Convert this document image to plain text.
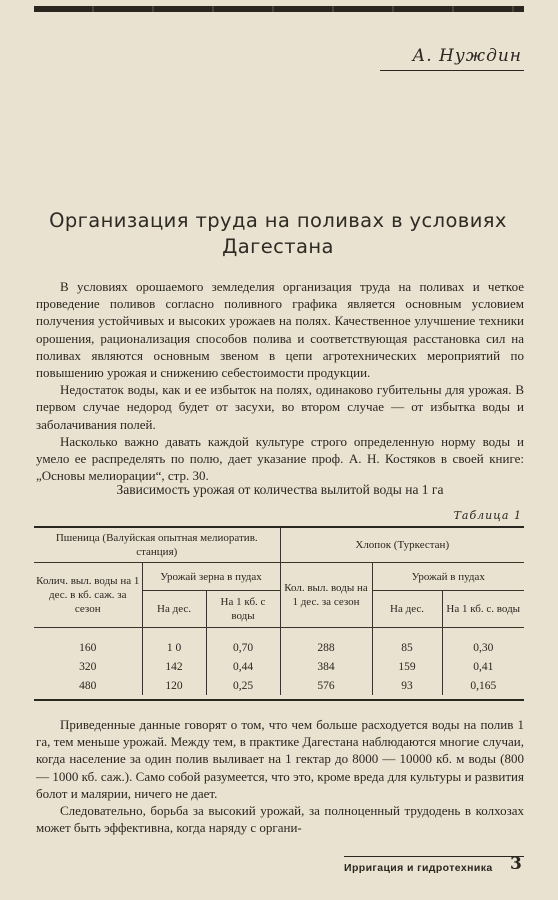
А. Нуждин
Организация труда на поливах в условиях
Дагестана

В условиях орошаемого земледелия организация труда на поливах и четкое проведение поливов согласно поливного графика является основным условием получения устойчивых и высоких урожаев на полях. Качественное улучшение техники орошения, рационализация способов полива и соответствующая расстановка сил на поливах являются основным звеном в цепи агротехнических мероприятий по повышению урожая и снижению себестоимости продукции.

Недостаток воды, как и ее избыток на полях, одинаково губительны для урожая. В первом случае недород будет от засухи, во втором случае — от избытка воды и заболачивания полей.

Насколько важно давать каждой культуре строго определенную норму воды и умело ее распределять по полю, дает указание проф. А. Н. Костяков в своей книге: „Основы мелиорации“, стр. 30.

Зависимость урожая от количества вылитой воды на 1 га
Таблица 1
Пшеница (Валуйская опытная мелиоратив. станция)			Хлопок (Туркестан)		
Колич. выл. воды на 1 дес. в кб. саж. за сезон	Урожай зерна в пудах		Кол. выл. воды на 1 дес. за сезон	Урожай в пудах	
	На дес.	На 1 кб. с воды		На дес.	На 1 кб. с. воды
160	1 0	0,70	288	85	0,30
320	142	0,44	384	159	0,41
480	120	0,25	576	93	0,165

Приведенные данные говорят о том, что чем больше расходуется воды на полив 1 га, тем меньше урожай. Между тем, в практике Дагестана наблюдаются многие случаи, когда население за один полив выливает на 1 гектар до 8000 — 10000 кб. м воды (800 — 1000 кб. саж.). Само собой разумеется, что это, кроме вреда для культуры и развития болот и малярии, ничего не дает.

Следовательно, борьба за высокий урожай, за полноценный трудодень в колхозах может быть эффективна, когда наряду с органи-

Ирригация и гидротехника 3
